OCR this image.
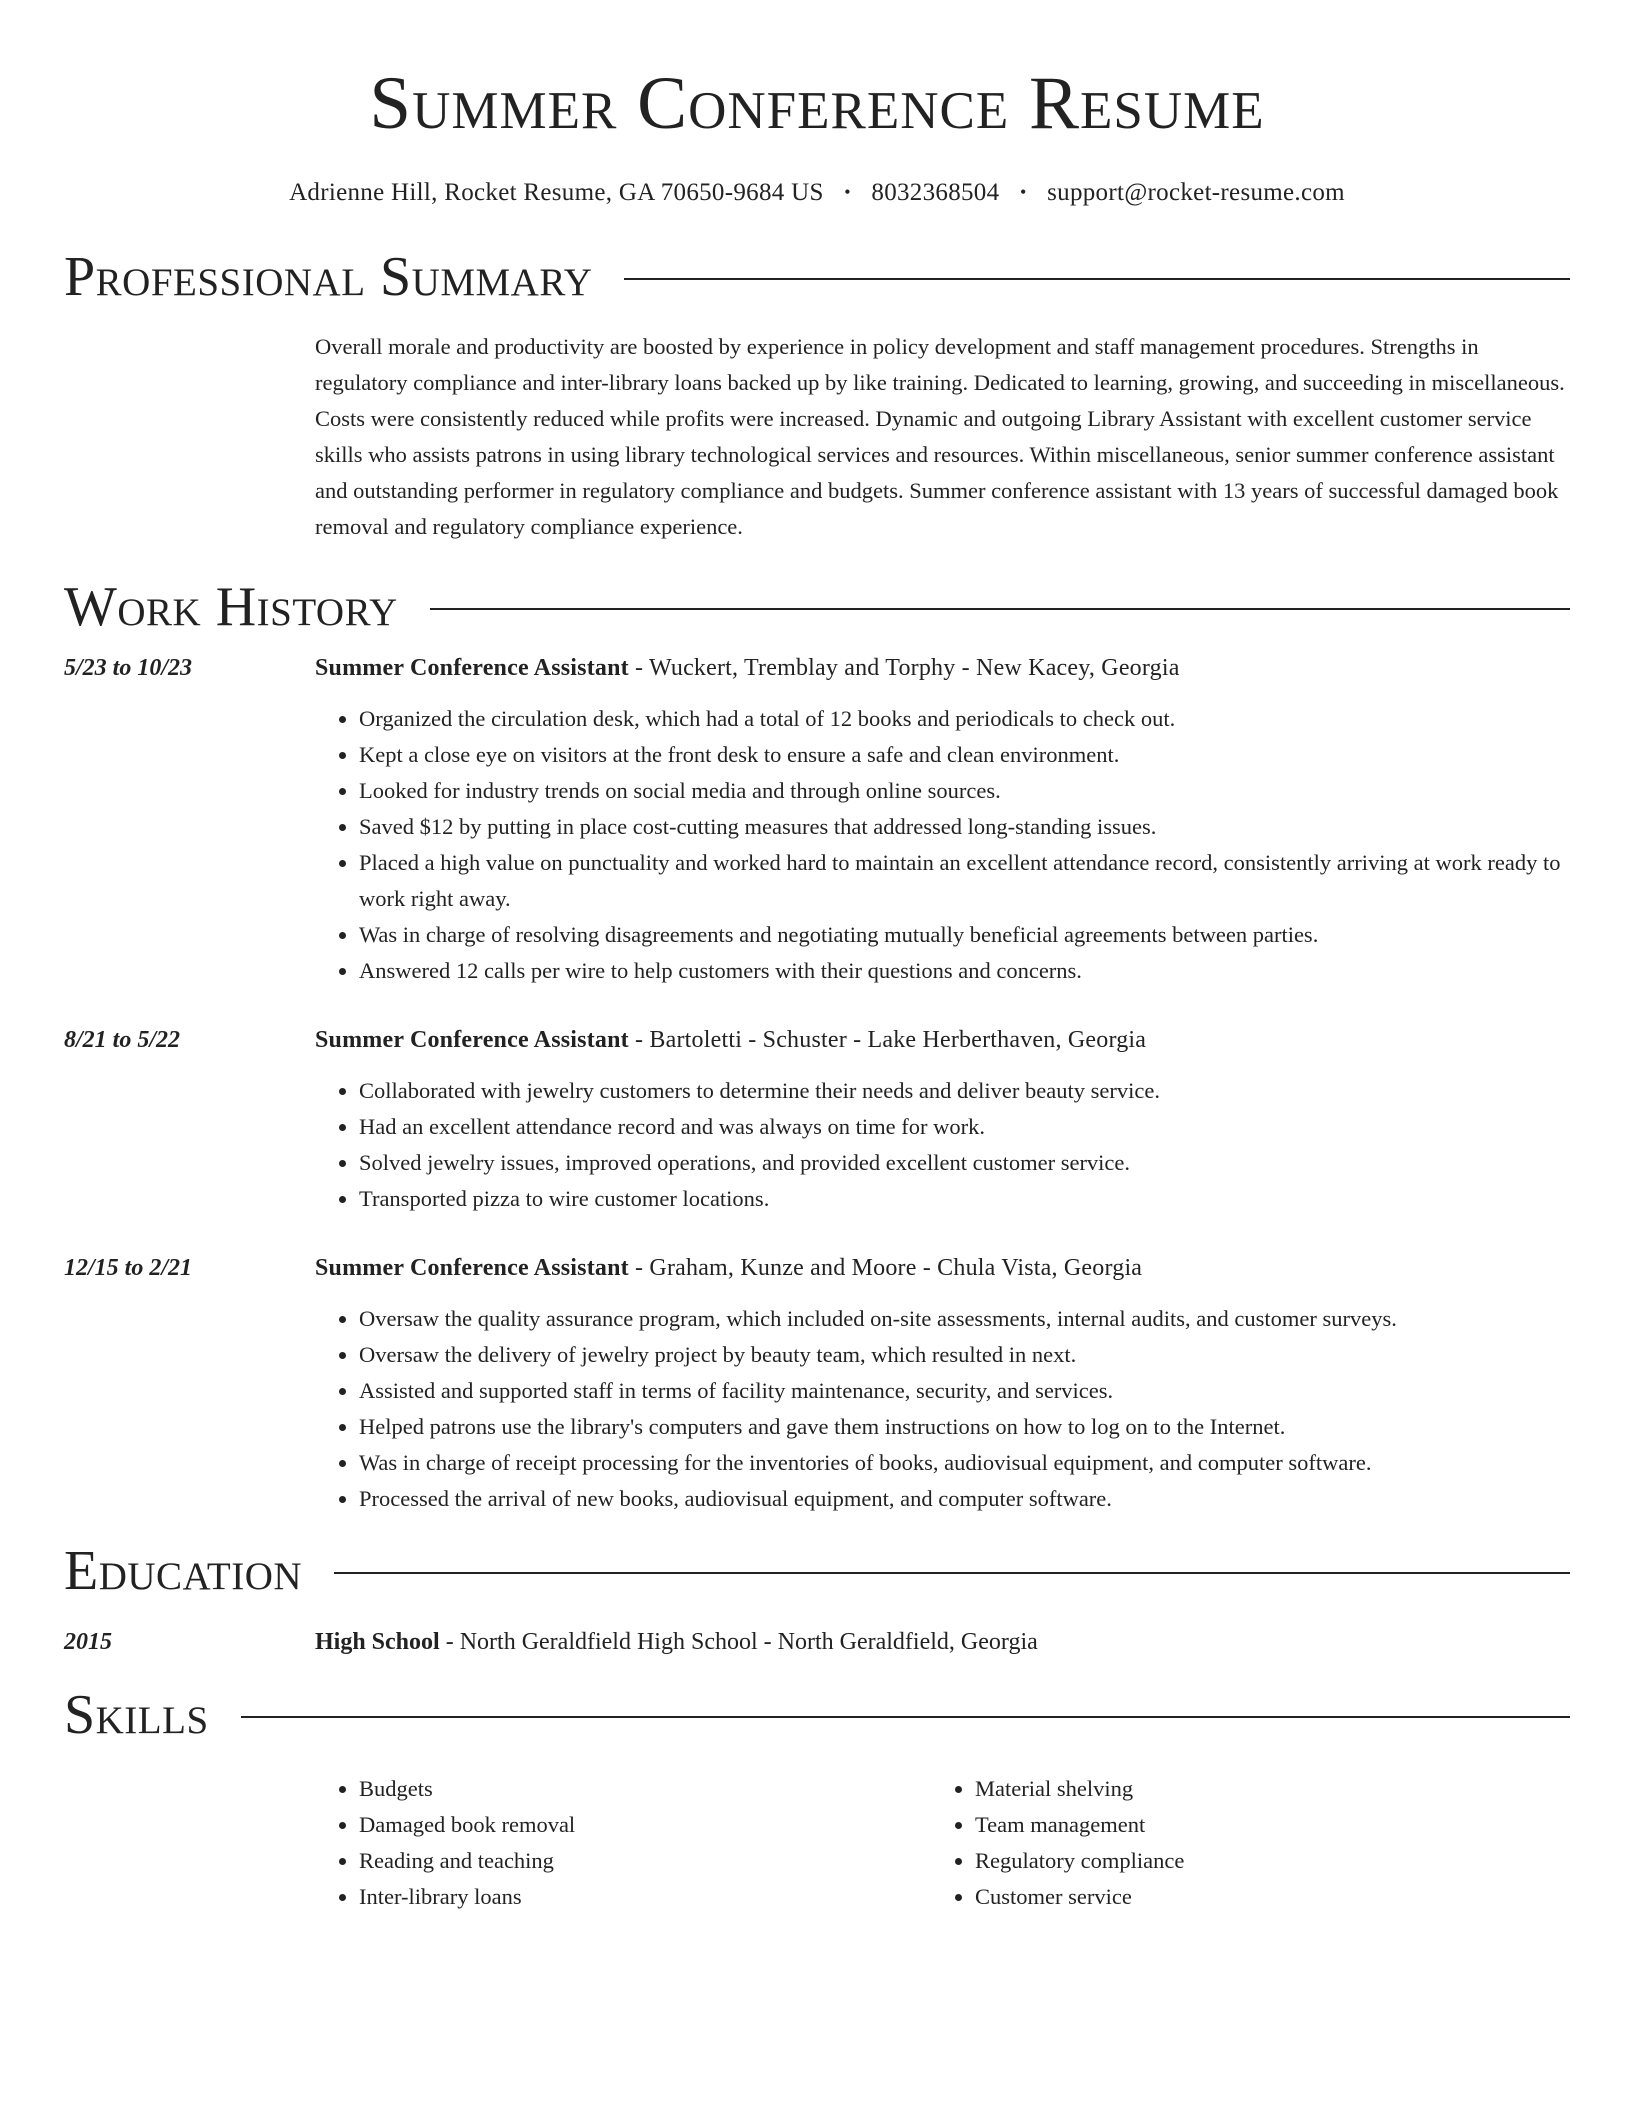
Summer Conference Resume
Adrienne Hill, Rocket Resume, GA 70650-9684 US • 8032368504 • support@rocket-resume.com
Professional Summary
Overall morale and productivity are boosted by experience in policy development and staff management procedures. Strengths in regulatory compliance and inter-library loans backed up by like training. Dedicated to learning, growing, and succeeding in miscellaneous. Costs were consistently reduced while profits were increased. Dynamic and outgoing Library Assistant with excellent customer service skills who assists patrons in using library technological services and resources. Within miscellaneous, senior summer conference assistant and outstanding performer in regulatory compliance and budgets. Summer conference assistant with 13 years of successful damaged book removal and regulatory compliance experience.
Work History
5/23 to 10/23	Summer Conference Assistant - Wuckert, Tremblay and Torphy - New Kacey, Georgia
• Organized the circulation desk, which had a total of 12 books and periodicals to check out.
• Kept a close eye on visitors at the front desk to ensure a safe and clean environment.
• Looked for industry trends on social media and through online sources.
• Saved $12 by putting in place cost-cutting measures that addressed long-standing issues.
• Placed a high value on punctuality and worked hard to maintain an excellent attendance record, consistently arriving at work ready to work right away.
• Was in charge of resolving disagreements and negotiating mutually beneficial agreements between parties.
• Answered 12 calls per wire to help customers with their questions and concerns.
8/21 to 5/22	Summer Conference Assistant - Bartoletti - Schuster - Lake Herberthaven, Georgia
• Collaborated with jewelry customers to determine their needs and deliver beauty service.
• Had an excellent attendance record and was always on time for work.
• Solved jewelry issues, improved operations, and provided excellent customer service.
• Transported pizza to wire customer locations.
12/15 to 2/21	Summer Conference Assistant - Graham, Kunze and Moore - Chula Vista, Georgia
• Oversaw the quality assurance program, which included on-site assessments, internal audits, and customer surveys.
• Oversaw the delivery of jewelry project by beauty team, which resulted in next.
• Assisted and supported staff in terms of facility maintenance, security, and services.
• Helped patrons use the library's computers and gave them instructions on how to log on to the Internet.
• Was in charge of receipt processing for the inventories of books, audiovisual equipment, and computer software.
• Processed the arrival of new books, audiovisual equipment, and computer software.
Education
2015	High School - North Geraldfield High School - North Geraldfield, Georgia
Skills
• Budgets
• Damaged book removal
• Reading and teaching
• Inter-library loans
• Material shelving
• Team management
• Regulatory compliance
• Customer service
